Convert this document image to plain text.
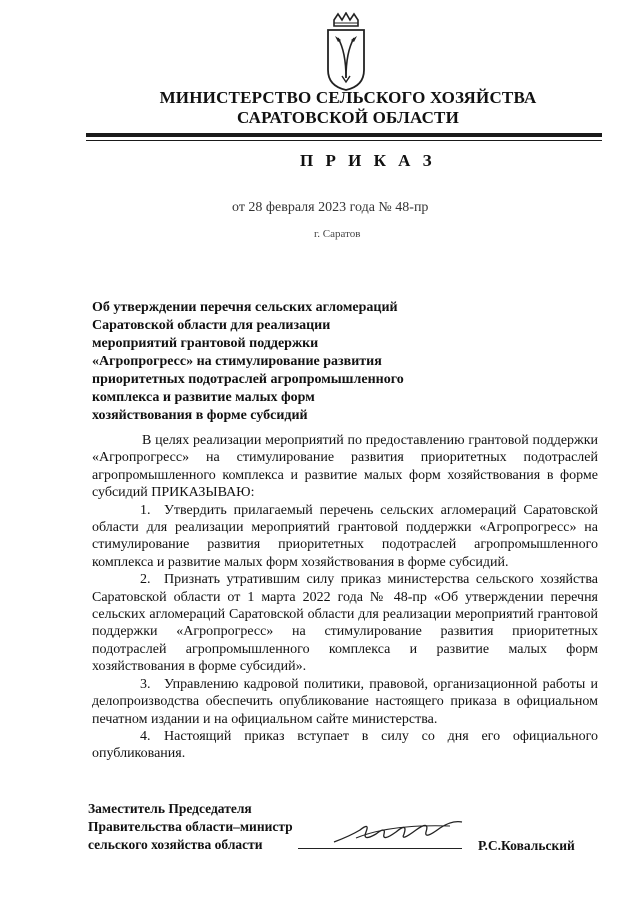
МИНИСТЕРСТВО СЕЛЬСКОГО ХОЗЯЙСТВА
САРАТОВСКОЙ ОБЛАСТИ
П Р И К А З
от 28 февраля 2023 года № 48-пр
г. Саратов
Об утверждении перечня сельских агломераций
Саратовской области для реализации
мероприятий грантовой поддержки
«Агропрогресс» на стимулирование развития
приоритетных подотраслей агропромышленного
комплекса и развитие малых форм
хозяйствования в форме субсидий

В целях реализации мероприятий по предоставлению грантовой поддержки «Агропрогресс» на стимулирование развития приоритетных подотраслей агропромышленного комплекса и развитие малых форм хозяйствования в форме субсидий ПРИКАЗЫВАЮ:

1. Утвердить прилагаемый перечень сельских агломераций Саратовской области для реализации мероприятий грантовой поддержки «Агропрогресс» на стимулирование развития приоритетных подотраслей агропромышленного комплекса и развитие малых форм хозяйствования в форме субсидий.

2. Признать утратившим силу приказ министерства сельского хозяйства Саратовской области от 1 марта 2022 года № 48-пр «Об утверждении перечня сельских агломераций Саратовской области для реализации мероприятий грантовой поддержки «Агропрогресс» на стимулирование развития приоритетных подотраслей агропромышленного комплекса и развитие малых форм хозяйствования в форме субсидий».

3. Управлению кадровой политики, правовой, организационной работы и делопроизводства обеспечить опубликование настоящего приказа в официальном печатном издании и на официальном сайте министерства.

4. Настоящий приказ вступает в силу со дня его официального опубликования.

Заместитель Председателя
Правительства области–министр
сельского хозяйства области	Р.С.Ковальский
